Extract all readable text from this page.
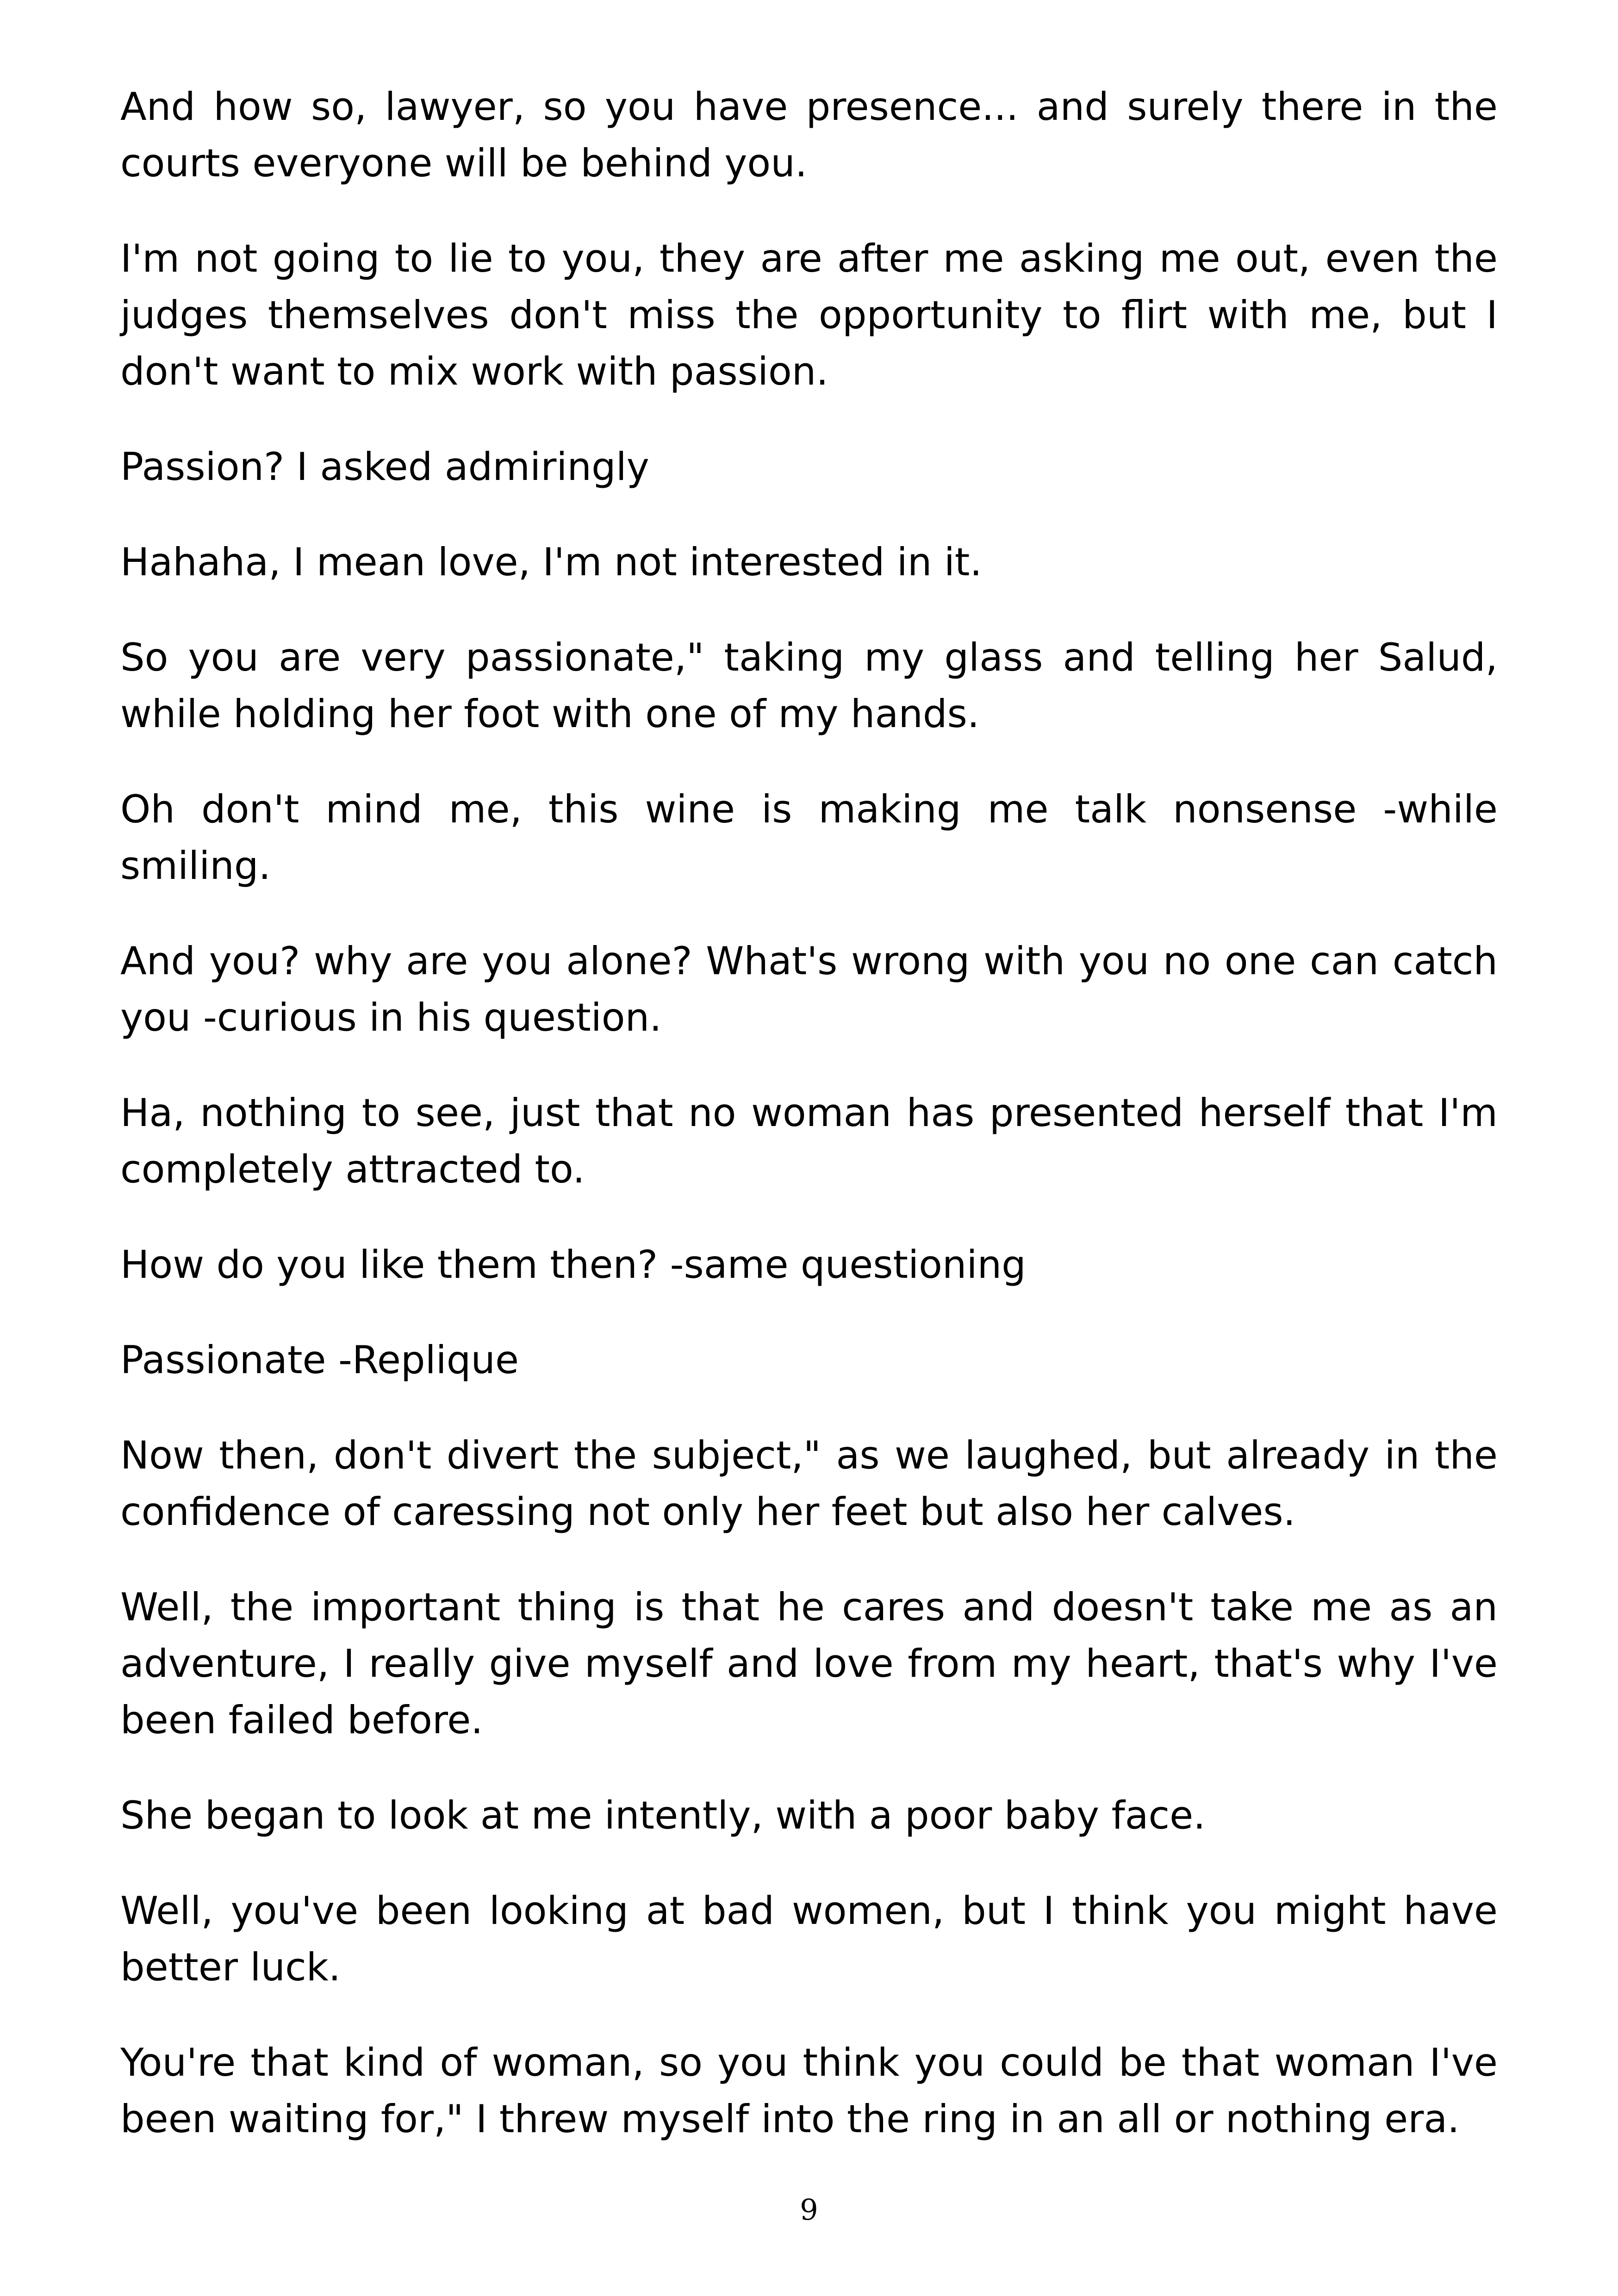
And how so, lawyer, so you have presence... and surely there in the courts everyone will be behind you.

I'm not going to lie to you, they are after me asking me out, even the judges themselves don't miss the opportunity to flirt with me, but I don't want to mix work with passion.

Passion? I asked admiringly

Hahaha, I mean love, I'm not interested in it.

So you are very passionate," taking my glass and telling her Salud, while holding her foot with one of my hands.

Oh don't mind me, this wine is making me talk nonsense -while smiling.

And you? why are you alone? What's wrong with you no one can catch you -curious in his question.

Ha, nothing to see, just that no woman has presented herself that I'm completely attracted to.

How do you like them then? -same questioning

Passionate -Replique

Now then, don't divert the subject," as we laughed, but already in the confidence of caressing not only her feet but also her calves.

Well, the important thing is that he cares and doesn't take me as an adventure, I really give myself and love from my heart, that's why I've been failed before.

She began to look at me intently, with a poor baby face.

Well, you've been looking at bad women, but I think you might have better luck.

You're that kind of woman, so you think you could be that woman I've been waiting for," I threw myself into the ring in an all or nothing era.

9
